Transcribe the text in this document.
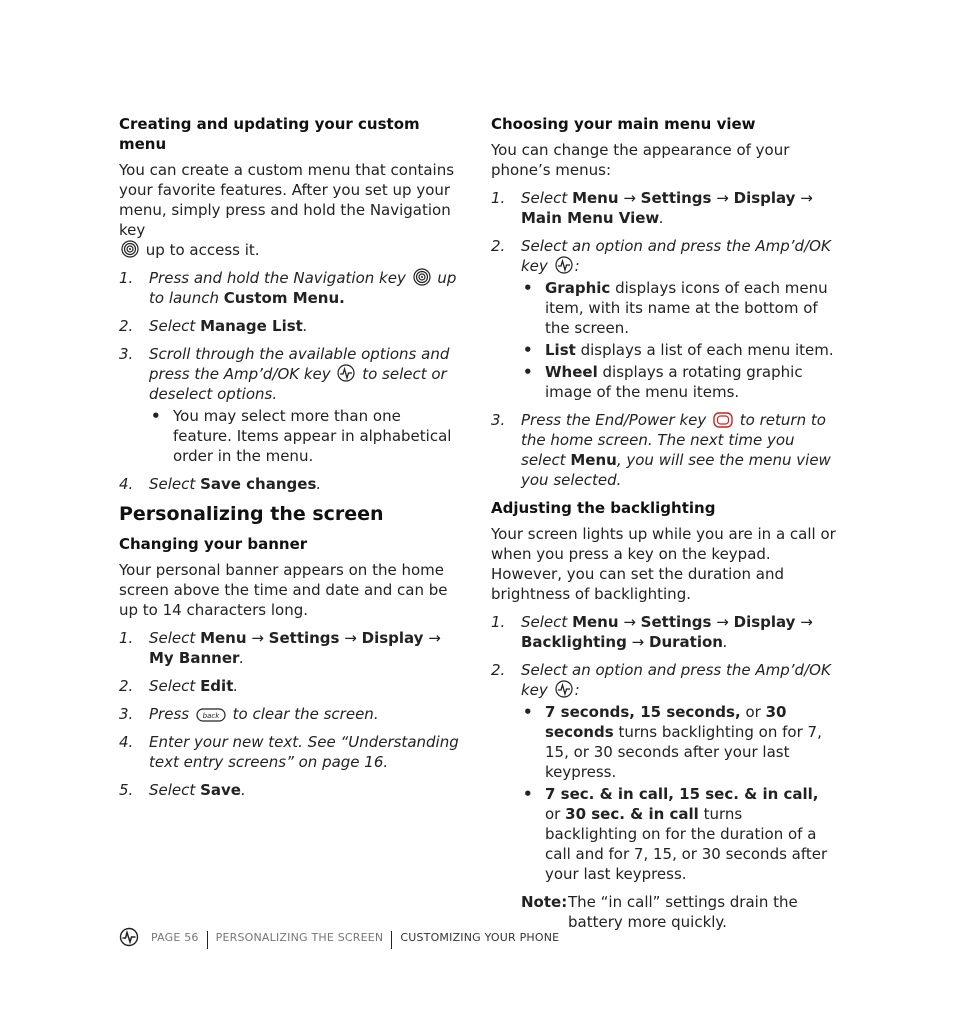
Creating and updating your custom menu

You can create a custom menu that contains your favorite features. After you set up your menu, simply press and hold the Navigation key
up to access it.

1. Press and hold the Navigation key up to launch Custom Menu.
2. Select Manage List.
3. Scroll through the available options and press the Amp’d/OK key to select or deselect options.
• You may select more than one feature. Items appear in alphabetical order in the menu.
4. Select Save changes.
Personalizing the screen
Changing your banner

Your personal banner appears on the home screen above the time and date and can be up to 14 characters long.

1. Select Menu → Settings → Display → My Banner.
2. Select Edit.
3. Press back to clear the screen.
4. Enter your new text. See “Understanding text entry screens” on page 16.
5. Select Save.
Choosing your main menu view

You can change the appearance of your phone’s menus:

1. Select Menu → Settings → Display → Main Menu View.
2. Select an option and press the Amp’d/OK key :
• Graphic displays icons of each menu item, with its name at the bottom of the screen.
• List displays a list of each menu item.
• Wheel displays a rotating graphic image of the menu items.
3. Press the End/Power key to return to the home screen. The next time you select Menu, you will see the menu view you selected.
Adjusting the backlighting

Your screen lights up while you are in a call or when you press a key on the keypad. However, you can set the duration and brightness of backlighting.

1. Select Menu → Settings → Display → Backlighting → Duration.
2. Select an option and press the Amp’d/OK key :
• 7 seconds, 15 seconds, or 30 seconds turns backlighting on for 7, 15, or 30 seconds after your last keypress.
• 7 sec. & in call, 15 sec. & in call, or 30 sec. & in call turns backlighting on for the duration of a call and for 7, 15, or 30 seconds after your last keypress.
Note: The “in call” settings drain the battery more quickly.
PAGE 56 PERSONALIZING THE SCREEN CUSTOMIZING YOUR PHONE
